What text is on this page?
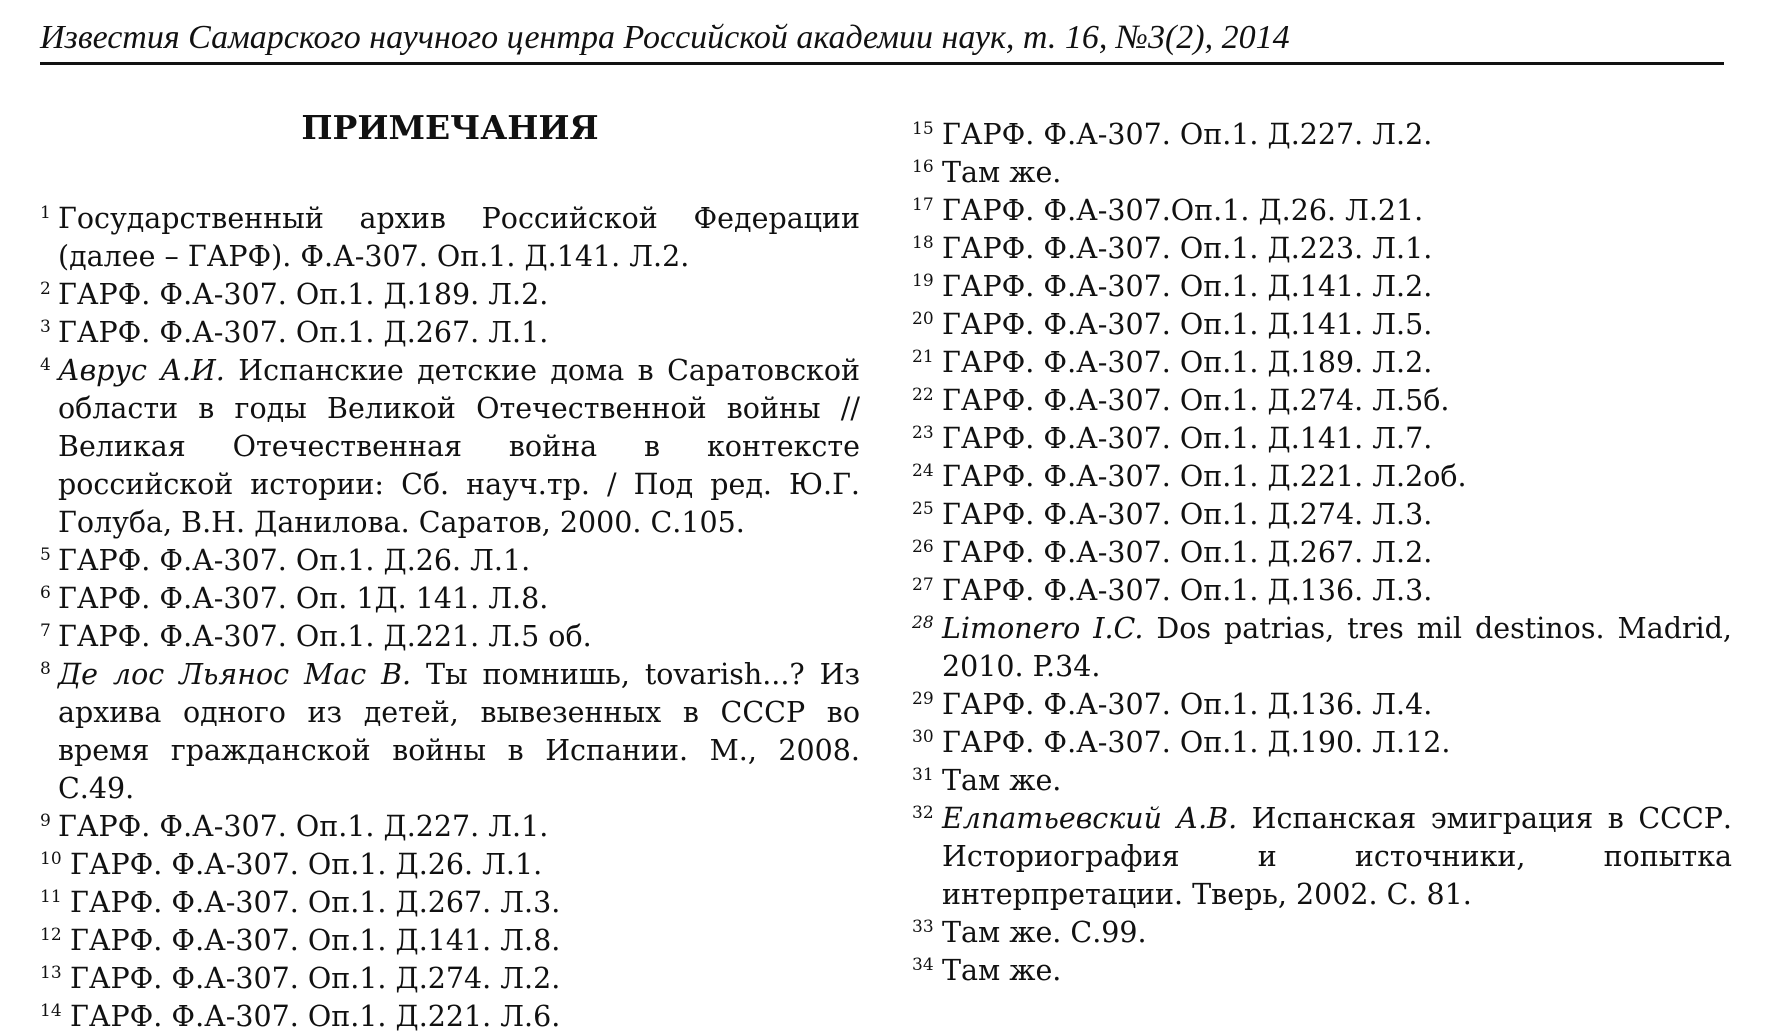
Известия Самарского научного центра Российской академии наук, т. 16, №3(2), 2014
ПРИМЕЧАНИЯ
1 Государственный архив Российской Федерации (далее – ГАРФ). Ф.А-307. Оп.1. Д.141. Л.2.
2 ГАРФ. Ф.А-307. Оп.1. Д.189. Л.2.
3 ГАРФ. Ф.А-307. Оп.1. Д.267. Л.1.
4 Аврус А.И. Испанские детские дома в Саратовской области в годы Великой Отечественной войны // Великая Отечественная война в контексте российской истории: Сб. науч.тр. / Под ред. Ю.Г. Голуба, В.Н. Данилова. Саратов, 2000. С.105.
5 ГАРФ. Ф.А-307. Оп.1. Д.26. Л.1.
6 ГАРФ. Ф.А-307. Оп. 1Д. 141. Л.8.
7 ГАРФ. Ф.А-307. Оп.1. Д.221. Л.5 об.
8 Де лос Льянос Мас В. Ты помнишь, tovarish...? Из архива одного из детей, вывезенных в СССР во время гражданской войны в Испании. М., 2008. С.49.
9 ГАРФ. Ф.А-307. Оп.1. Д.227. Л.1.
10 ГАРФ. Ф.А-307. Оп.1. Д.26. Л.1.
11 ГАРФ. Ф.А-307. Оп.1. Д.267. Л.3.
12 ГАРФ. Ф.А-307. Оп.1. Д.141. Л.8.
13 ГАРФ. Ф.А-307. Оп.1. Д.274. Л.2.
14 ГАРФ. Ф.А-307. Оп.1. Д.221. Л.6.
15 ГАРФ. Ф.А-307. Оп.1. Д.227. Л.2.
16 Там же.
17 ГАРФ. Ф.А-307.Оп.1. Д.26. Л.21.
18 ГАРФ. Ф.А-307. Оп.1. Д.223. Л.1.
19 ГАРФ. Ф.А-307. Оп.1. Д.141. Л.2.
20 ГАРФ. Ф.А-307. Оп.1. Д.141. Л.5.
21 ГАРФ. Ф.А-307. Оп.1. Д.189. Л.2.
22 ГАРФ. Ф.А-307. Оп.1. Д.274. Л.5б.
23 ГАРФ. Ф.А-307. Оп.1. Д.141. Л.7.
24 ГАРФ. Ф.А-307. Оп.1. Д.221. Л.2об.
25 ГАРФ. Ф.А-307. Оп.1. Д.274. Л.3.
26 ГАРФ. Ф.А-307. Оп.1. Д.267. Л.2.
27 ГАРФ. Ф.А-307. Оп.1. Д.136. Л.3.
28 Limonero I.C. Dos patrias, tres mil destinos. Madrid, 2010. P.34.
29 ГАРФ. Ф.А-307. Оп.1. Д.136. Л.4.
30 ГАРФ. Ф.А-307. Оп.1. Д.190. Л.12.
31 Там же.
32 Елпатьевский А.В. Испанская эмиграция в СССР. Историография и источники, попытка интерпретации. Тверь, 2002. С. 81.
33 Там же. С.99.
34 Там же.
